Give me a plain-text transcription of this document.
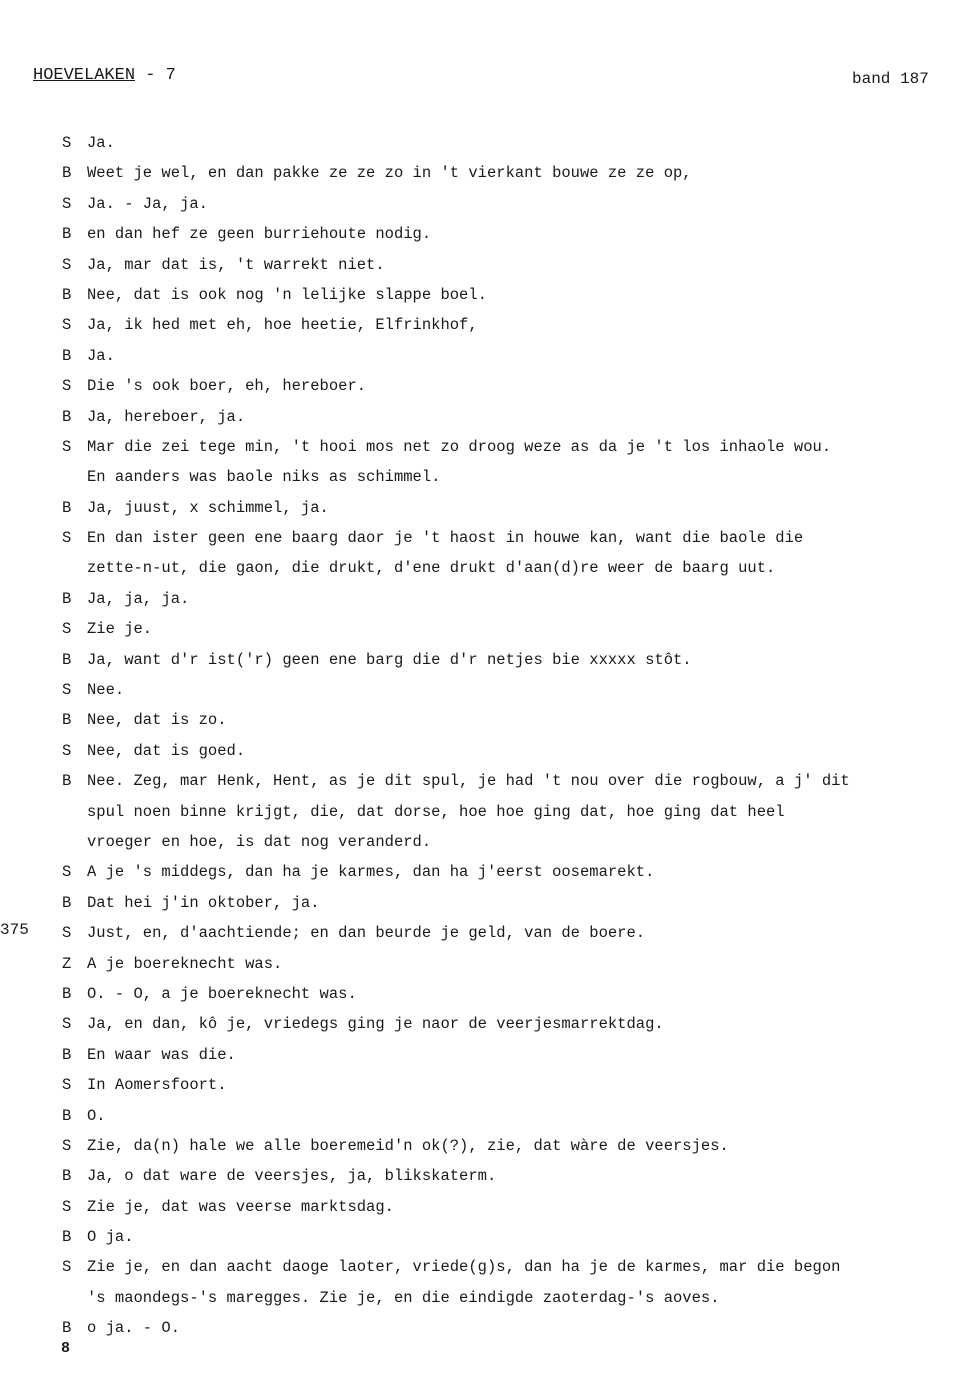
HOEVELAKEN - 7	band 187
375
S	Ja.
B	Weet je wel, en dan pakke ze ze zo in 't vierkant bouwe ze ze op,
S	Ja. - Ja, ja.
B	en dan hef ze geen burriehoute nodig.
S	Ja, mar dat is, 't warrekt niet.
B	Nee, dat is ook nog 'n lelijke slappe boel.
S	Ja, ik hed met eh, hoe heetie, Elfrinkhof,
B	Ja.
S	Die 's ook boer, eh, hereboer.
B	Ja, hereboer, ja.
S	Mar die zei tege min, 't hooi mos net zo droog weze as da je 't los inhaole wou.
En aanders was baole niks as schimmel.
B	Ja, juust, x schimmel, ja.
S	En dan ister geen ene baarg daor je 't haost in houwe kan, want die baole die
zette-n-ut, die gaon, die drukt, d'ene drukt d'aan(d)re weer de baarg uut.
B	Ja, ja, ja.
S	Zie je.
B	Ja, want d'r ist('r) geen ene barg die d'r netjes bie xxxxx stôt.
S	Nee.
B	Nee, dat is zo.
S	Nee, dat is goed.
B	Nee. Zeg, mar Henk, Hent, as je dit spul, je had 't nou over die rogbouw, a j' dit
spul noen binne krijgt, die, dat dorse, hoe hoe ging dat, hoe ging dat heel
vroeger en hoe, is dat nog veranderd.
S	A je 's middegs, dan ha je karmes, dan ha j'eerst oosemarekt.
B	Dat hei j'in oktober, ja.
S	Just, en, d'aachtiende; en dan beurde je geld, van de boere.
Z	A je boereknecht was.
B	O. - O, a je boereknecht was.
S	Ja, en dan, kô je, vriedegs ging je naor de veerjesmarrektdag.
B	En waar was die.
S	In Aomersfoort.
B	O.
S	Zie, da(n) hale we alle boeremeid'n ok(?), zie, dat wàre de veersjes.
B	Ja, o dat ware de veersjes, ja, blikskaterm.
S	Zie je, dat was veerse marktsdag.
B	O ja.
S	Zie je, en dan aacht daoge laoter, vriede(g)s, dan ha je de karmes, mar die begon
's maondegs-'s maregges. Zie je, en die eindigde zaoterdag-'s aoves.
B	o ja. - O.
8
